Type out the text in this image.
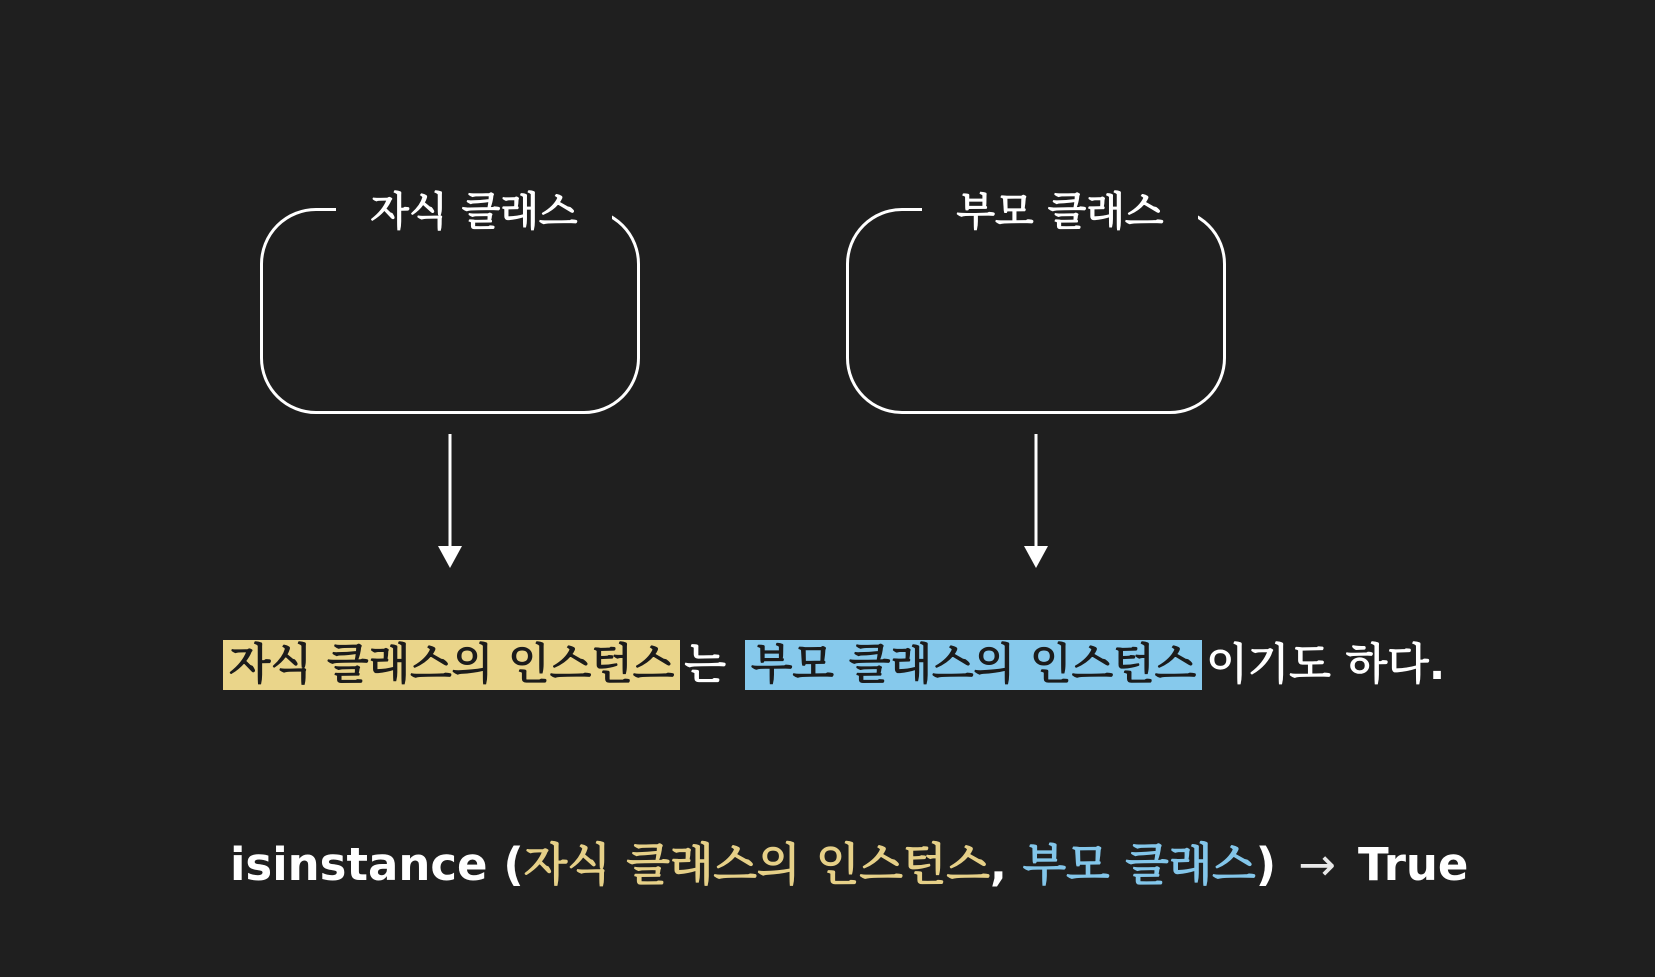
자식 클래스	부모 클래스
자식 클래스의 인스턴스 는 부모 클래스의 인스턴스 이기도 하다.
isinstance (자식 클래스의 인스턴스, 부모 클래스) → True
